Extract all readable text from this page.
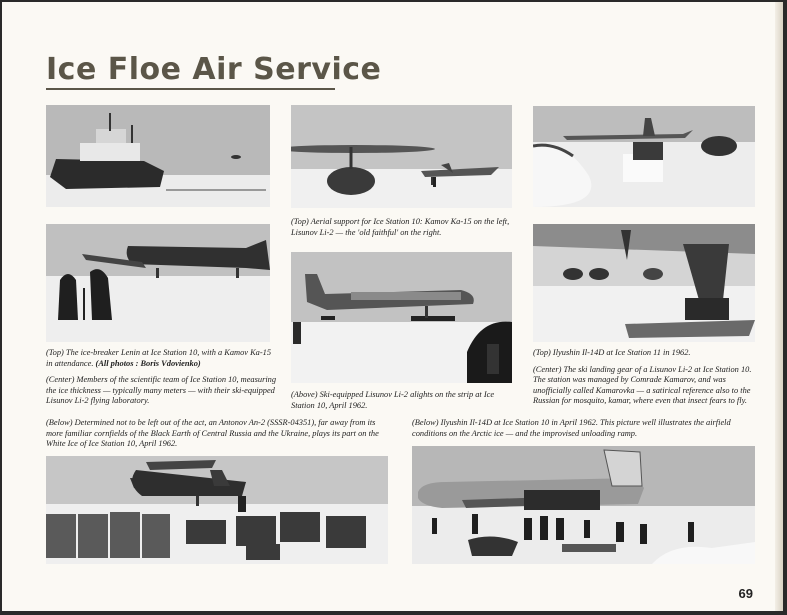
Ice Floe Air Service

(Top) Aerial support for Ice Station 10: Kamov Ka-15 on the left, Lisunov Li-2 — the 'old faithful' on the right.

(Top) The ice-breaker Lenin at Ice Station 10, with a Kamov Ka-15 in attendance. (All photos : Boris Vdovienko)

(Center) Members of the scientific team of Ice Station 10, measuring the ice thickness — typically many meters — with their ski-equipped Lisunov Li-2 flying laboratory.

(Above) Ski-equipped Lisunov Li-2 alights on the strip at Ice Station 10, April 1962.

(Top) Ilyushin Il-14D at Ice Station 11 in 1962.

(Center) The ski landing gear of a Lisunov Li-2 at Ice Station 10. The station was managed by Comrade Kamarov, and was unofficially called Kamarovka — a satirical reference also to the Russian for mosquito, kamar, where even that insect fears to fly.

(Below) Determined not to be left out of the act, an Antonov An-2 (SSSR-04351), far away from its more familiar cornfields of the Black Earth of Central Russia and the Ukraine, plays its part on the White Ice of Ice Station 10, April 1962.

(Below) Ilyushin Il-14D at Ice Station 10 in April 1962. This picture well illustrates the airfield conditions on the Arctic ice — and the improvised unloading ramp.

69
